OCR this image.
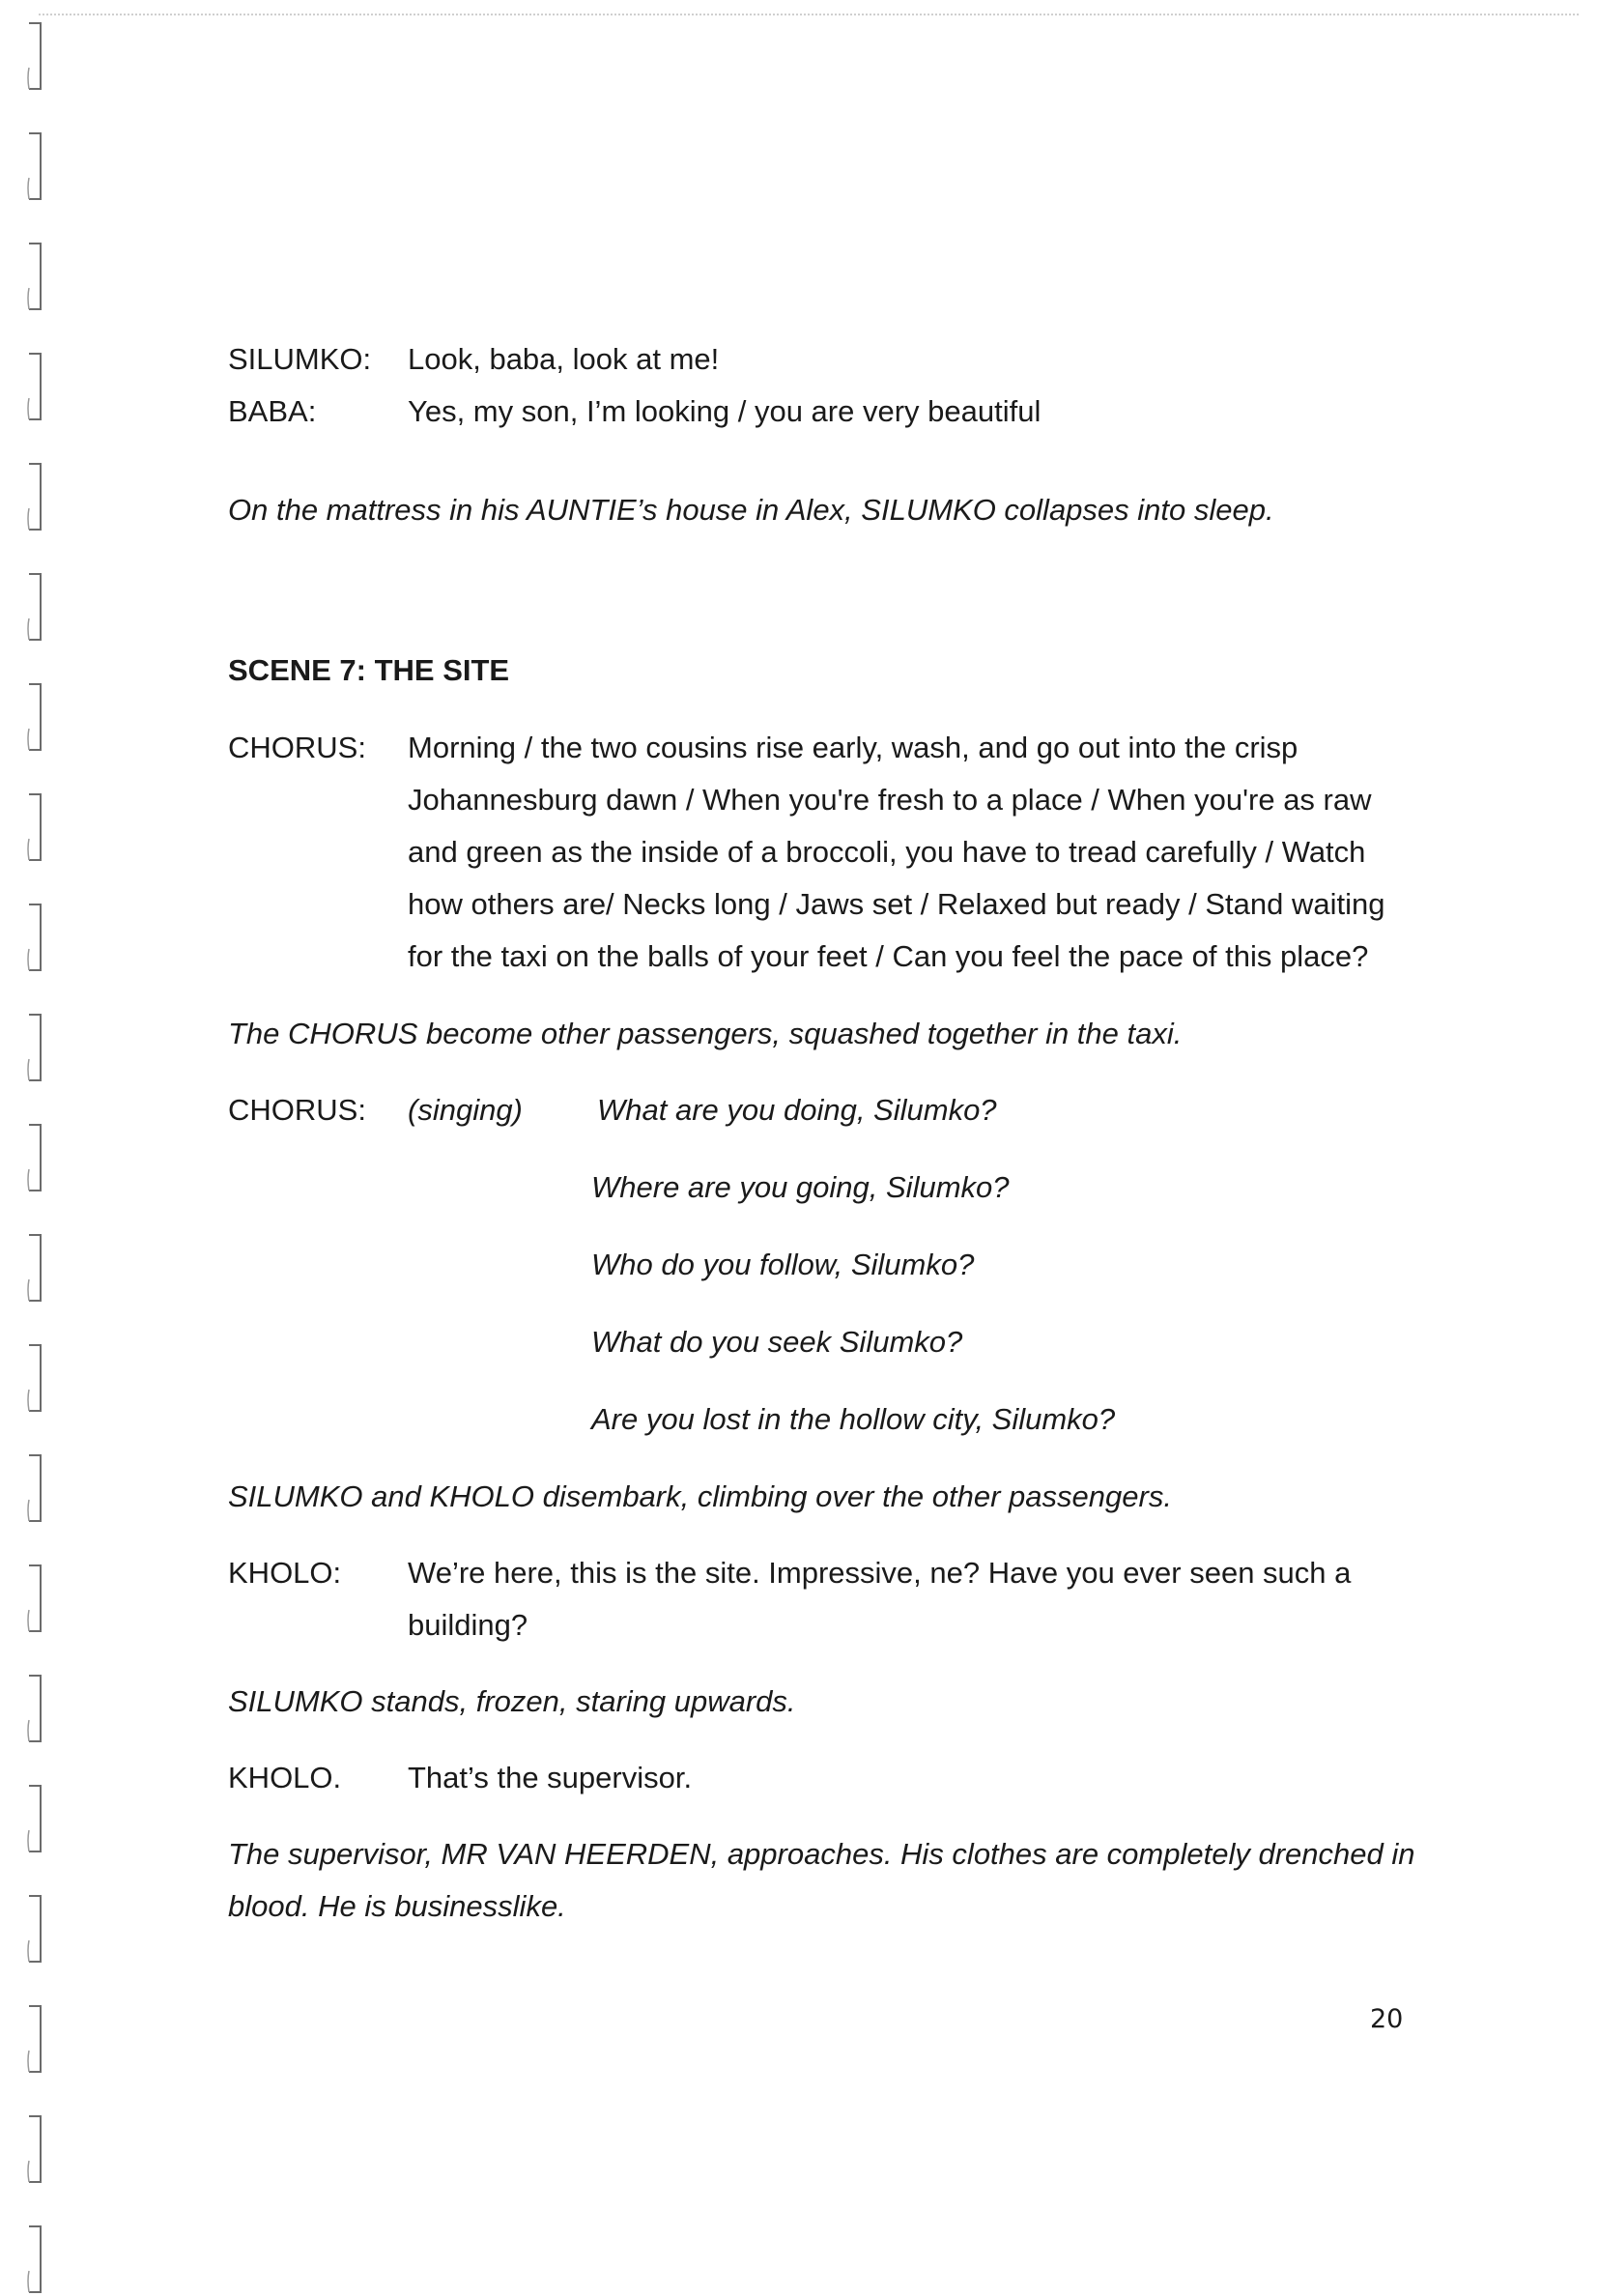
SILUMKO:	Look, baba, look at me!
BABA:	Yes, my son, I’m looking / you are very beautiful
On the mattress in his AUNTIE’s house in Alex, SILUMKO collapses into sleep.
SCENE 7: THE SITE
CHORUS:	Morning / the two cousins rise early, wash, and go out into the crisp Johannesburg dawn / When you're fresh to a place / When you're as raw and green as the inside of a broccoli, you have to tread carefully / Watch how others are/ Necks long / Jaws set / Relaxed but ready / Stand waiting for the taxi on the balls of your feet / Can you feel the pace of this place?
The CHORUS become other passengers, squashed together in the taxi.
CHORUS:	(singing)	What are you doing, Silumko?
Where are you going, Silumko?
Who do you follow, Silumko?
What do you seek Silumko?
Are you lost in the hollow city, Silumko?
SILUMKO and KHOLO disembark, climbing over the other passengers.
KHOLO:	We’re here, this is the site. Impressive, ne? Have you ever seen such a building?
SILUMKO stands, frozen, staring upwards.
KHOLO.	That’s the supervisor.
The supervisor, MR VAN HEERDEN, approaches. His clothes are completely drenched in blood. He is businesslike.
20
